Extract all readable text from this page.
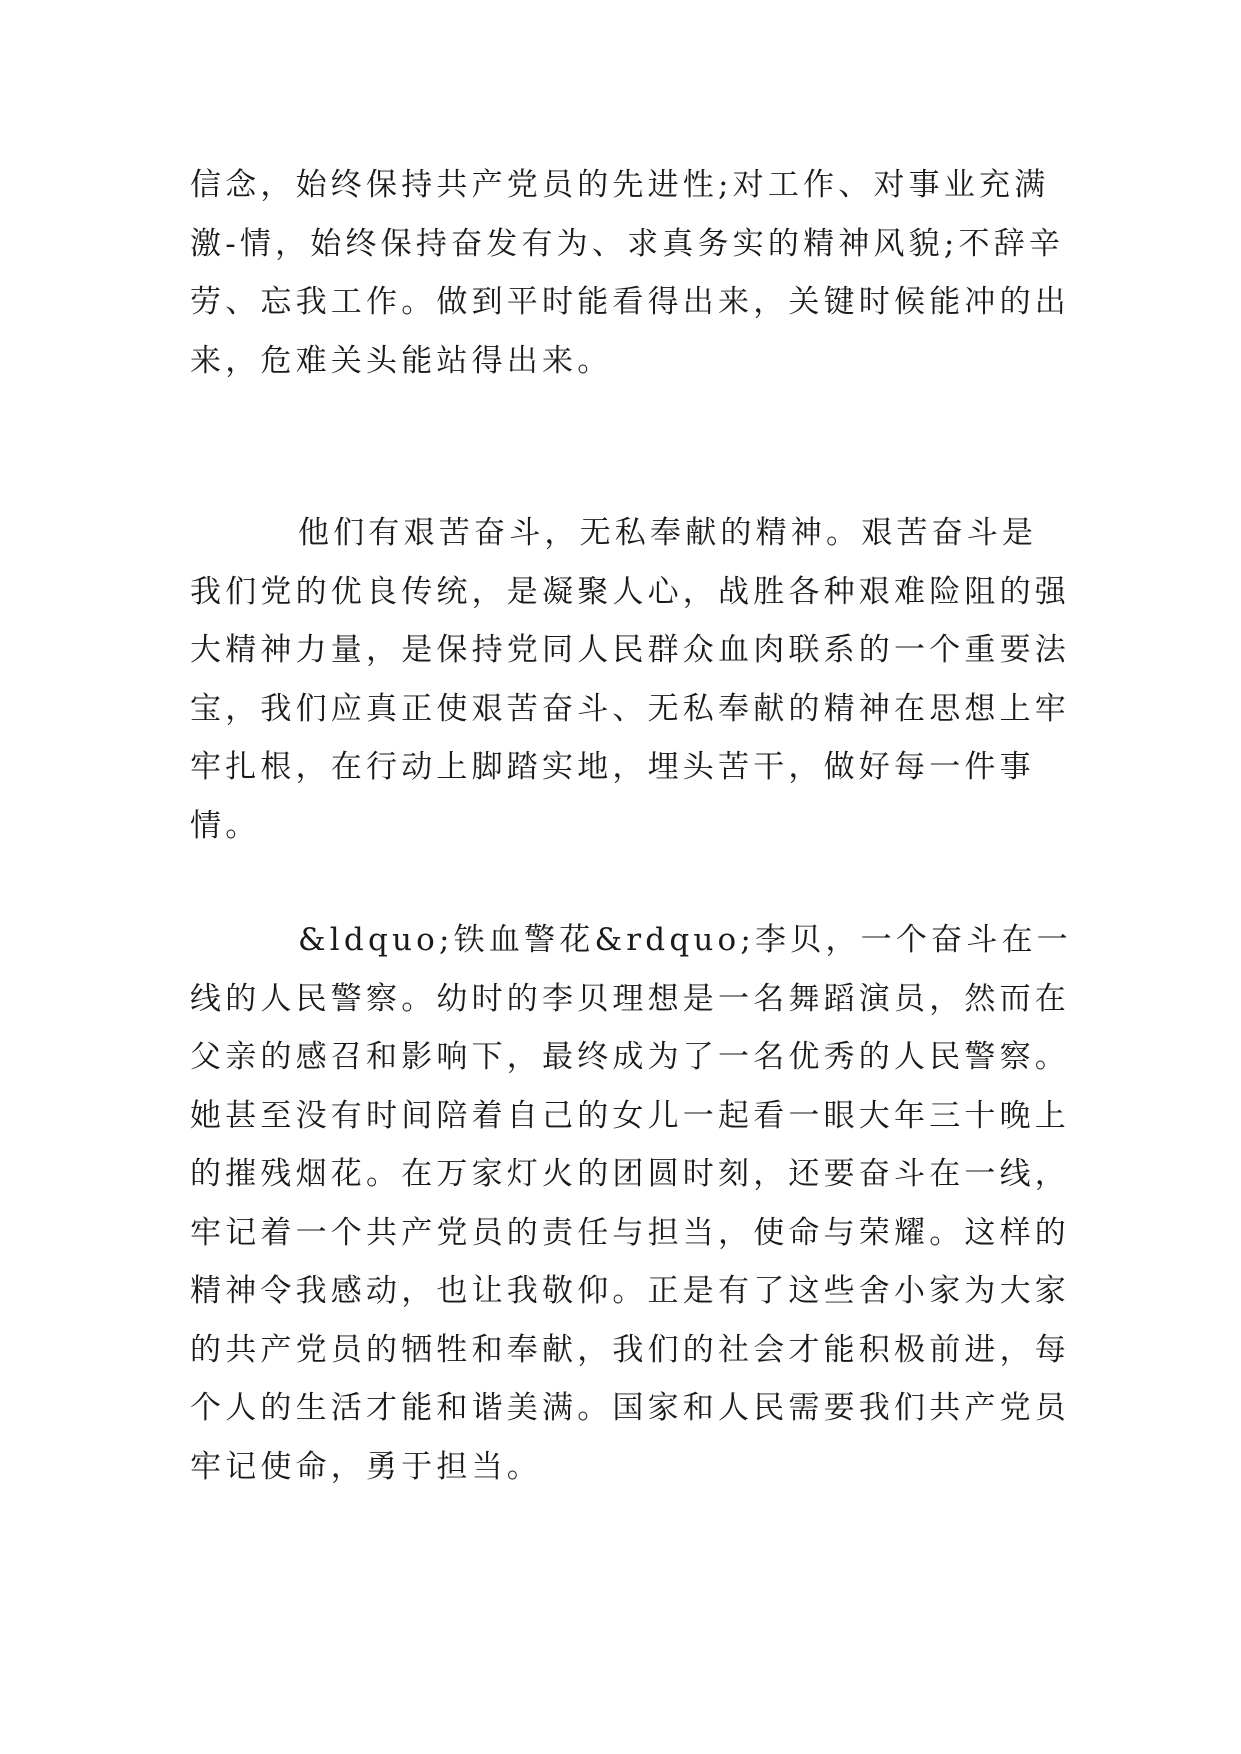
信念，始终保持共产党员的先进性;对工作、对事业充满激-情，始终保持奋发有为、求真务实的精神风貌;不辞辛劳、忘我工作。做到平时能看得出来，关键时候能冲的出来，危难关头能站得出来。

他们有艰苦奋斗，无私奉献的精神。艰苦奋斗是我们党的优良传统，是凝聚人心，战胜各种艰难险阻的强大精神力量，是保持党同人民群众血肉联系的一个重要法宝，我们应真正使艰苦奋斗、无私奉献的精神在思想上牢牢扎根，在行动上脚踏实地，埋头苦干，做好每一件事情。

&ldquo;铁血警花&rdquo;李贝，一个奋斗在一线的人民警察。幼时的李贝理想是一名舞蹈演员，然而在父亲的感召和影响下，最终成为了一名优秀的人民警察。她甚至没有时间陪着自己的女儿一起看一眼大年三十晚上的摧残烟花。在万家灯火的团圆时刻，还要奋斗在一线，牢记着一个共产党员的责任与担当，使命与荣耀。这样的精神令我感动，也让我敬仰。正是有了这些舍小家为大家的共产党员的牺牲和奉献，我们的社会才能积极前进，每个人的生活才能和谐美满。国家和人民需要我们共产党员牢记使命，勇于担当。
